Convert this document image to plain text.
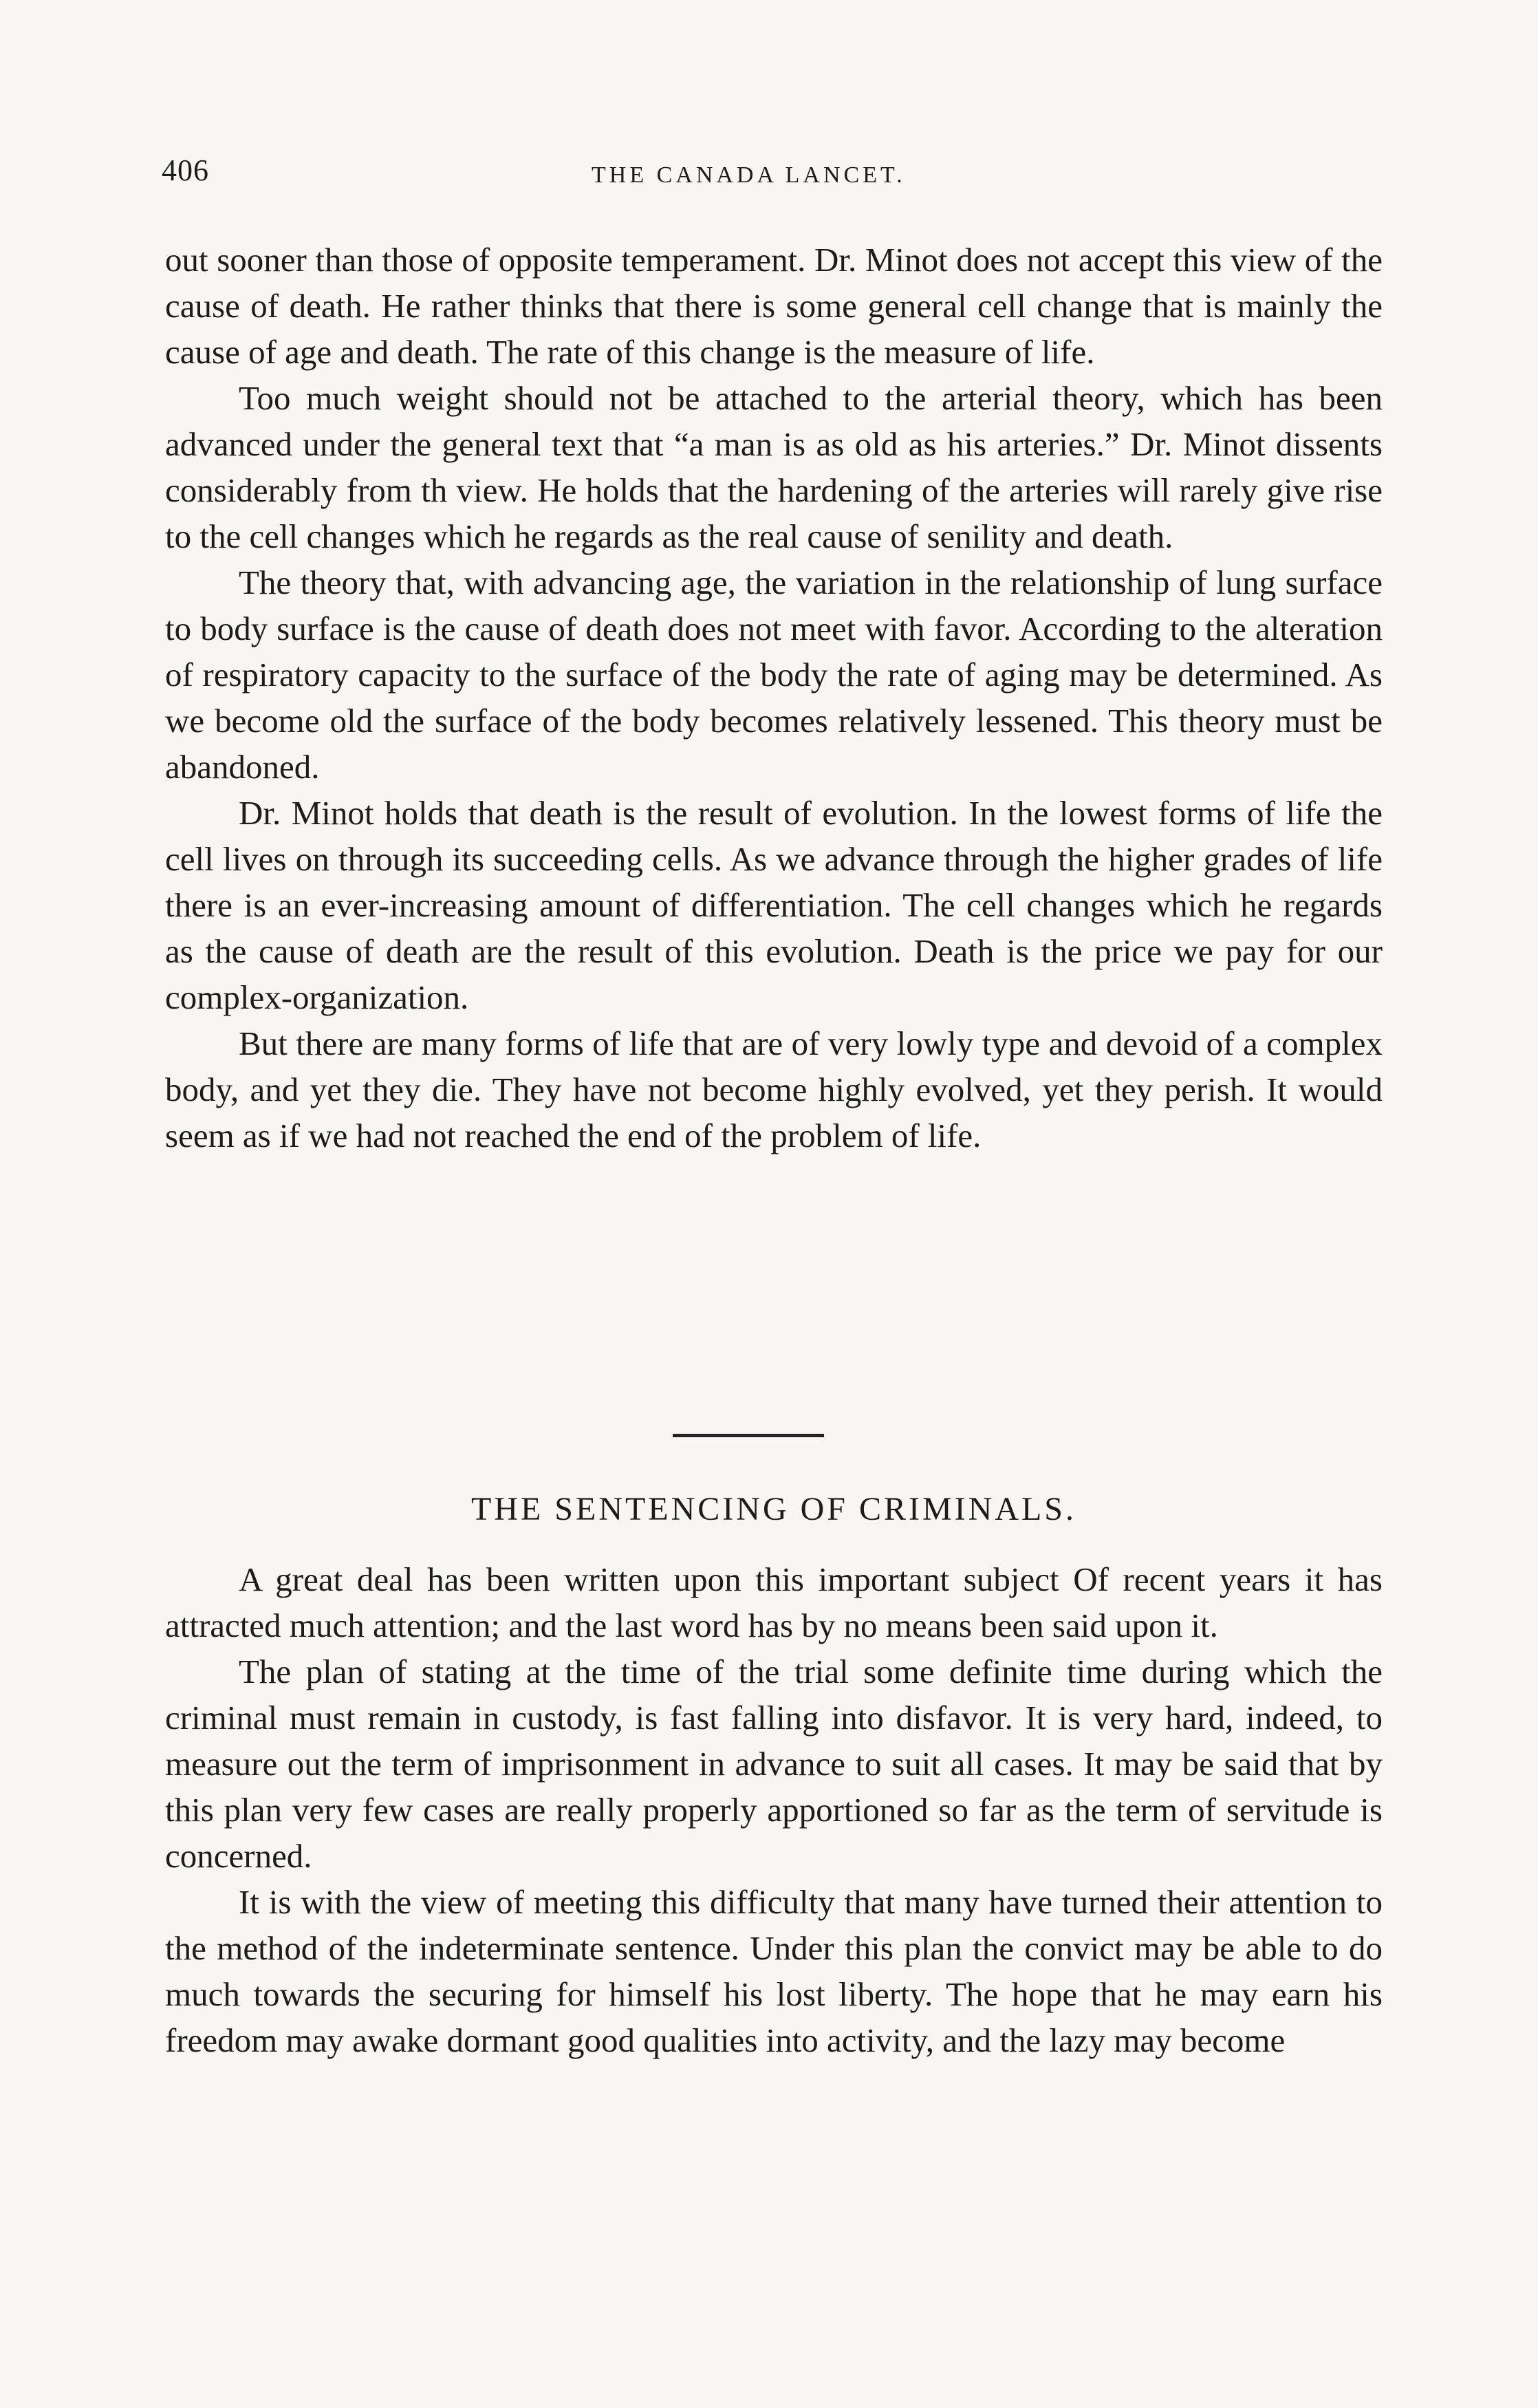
406	THE CANADA LANCET.

out sooner than those of opposite temperament. Dr. Minot does not accept this view of the cause of death. He rather thinks that there is some general cell change that is mainly the cause of age and death. The rate of this change is the measure of life.

Too much weight should not be attached to the arterial theory, which has been advanced under the general text that “a man is as old as his arteries.” Dr. Minot dissents considerably from th view. He holds that the hardening of the arteries will rarely give rise to the cell changes which he regards as the real cause of senility and death.

The theory that, with advancing age, the variation in the relationship of lung surface to body surface is the cause of death does not meet with favor. According to the alteration of respiratory capacity to the surface of the body the rate of aging may be determined. As we become old the surface of the body becomes relatively lessened. This theory must be abandoned.

Dr. Minot holds that death is the result of evolution. In the lowest forms of life the cell lives on through its succeeding cells. As we advance through the higher grades of life there is an ever-increasing amount of differentiation. The cell changes which he regards as the cause of death are the result of this evolution. Death is the price we pay for our complex-organization.

But there are many forms of life that are of very lowly type and devoid of a complex body, and yet they die. They have not become highly evolved, yet they perish. It would seem as if we had not reached the end of the problem of life.

THE SENTENCING OF CRIMINALS.

A great deal has been written upon this important subject Of recent years it has attracted much attention; and the last word has by no means been said upon it.

The plan of stating at the time of the trial some definite time during which the criminal must remain in custody, is fast falling into disfavor. It is very hard, indeed, to measure out the term of imprisonment in advance to suit all cases. It may be said that by this plan very few cases are really properly apportioned so far as the term of servitude is concerned.

It is with the view of meeting this difficulty that many have turned their attention to the method of the indeterminate sentence. Under this plan the convict may be able to do much towards the securing for himself his lost liberty. The hope that he may earn his freedom may awake dormant good qualities into activity, and the lazy may become
